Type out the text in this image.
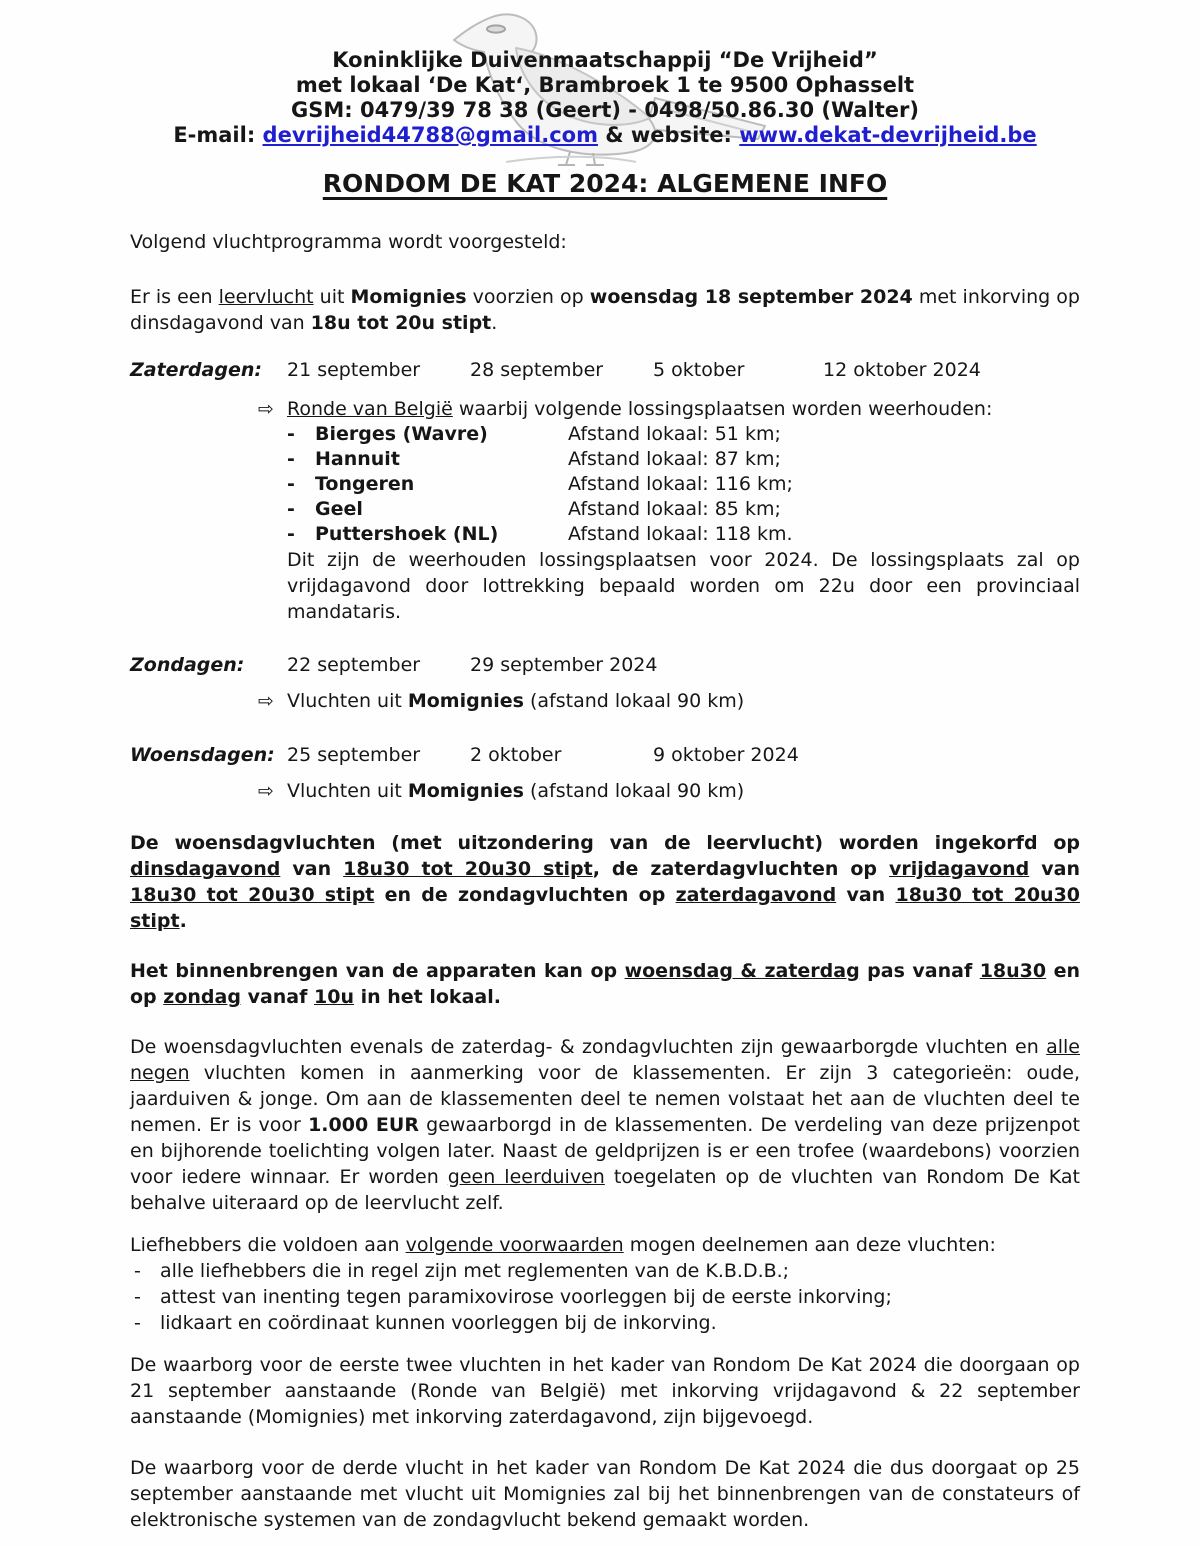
Koninklijke Duivenmaatschappij “De Vrijheid”
met lokaal ‘De Kat‘, Brambroek 1 te 9500 Ophasselt
GSM: 0479/39 78 38 (Geert) - 0498/50.86.30 (Walter)
E-mail: devrijheid44788@gmail.com & website: www.dekat-devrijheid.be
RONDOM DE KAT 2024: ALGEMENE INFO
Volgend vluchtprogramma wordt voorgesteld:
Er is een leervlucht uit Momignies voorzien op woensdag 18 september 2024 met inkorving op dinsdagavond van 18u tot 20u stipt.
Zaterdagen:	21 september	28 september	5 oktober	12 oktober 2024
⇨ Ronde van België waarbij volgende lossingsplaatsen worden weerhouden:
-	Bierges (Wavre)	Afstand lokaal: 51 km;
-	Hannuit	Afstand lokaal: 87 km;
-	Tongeren	Afstand lokaal: 116 km;
-	Geel	Afstand lokaal: 85 km;
-	Puttershoek (NL)	Afstand lokaal: 118 km.
Dit zijn de weerhouden lossingsplaatsen voor 2024. De lossingsplaats zal op vrijdagavond door lottrekking bepaald worden om 22u door een provinciaal mandataris.
Zondagen:	22 september	29 september 2024
⇨ Vluchten uit Momignies (afstand lokaal 90 km)
Woensdagen: 25 september	2 oktober	9 oktober 2024
⇨ Vluchten uit Momignies (afstand lokaal 90 km)
De woensdagvluchten (met uitzondering van de leervlucht) worden ingekorfd op dinsdagavond van 18u30 tot 20u30 stipt, de zaterdagvluchten op vrijdagavond van 18u30 tot 20u30 stipt en de zondagvluchten op zaterdagavond van 18u30 tot 20u30 stipt.
Het binnenbrengen van de apparaten kan op woensdag & zaterdag pas vanaf 18u30 en op zondag vanaf 10u in het lokaal.
De woensdagvluchten evenals de zaterdag- & zondagvluchten zijn gewaarborgde vluchten en alle negen vluchten komen in aanmerking voor de klassementen. Er zijn 3 categorieën: oude, jaarduiven & jonge. Om aan de klassementen deel te nemen volstaat het aan de vluchten deel te nemen. Er is voor 1.000 EUR gewaarborgd in de klassementen. De verdeling van deze prijzenpot en bijhorende toelichting volgen later. Naast de geldprijzen is er een trofee (waardebons) voorzien voor iedere winnaar. Er worden geen leerduiven toegelaten op de vluchten van Rondom De Kat behalve uiteraard op de leervlucht zelf.
Liefhebbers die voldoen aan volgende voorwaarden mogen deelnemen aan deze vluchten:
-	alle liefhebbers die in regel zijn met reglementen van de K.B.D.B.;
-	attest van inenting tegen paramixovirose voorleggen bij de eerste inkorving;
-	lidkaart en coördinaat kunnen voorleggen bij de inkorving.
De waarborg voor de eerste twee vluchten in het kader van Rondom De Kat 2024 die doorgaan op 21 september aanstaande (Ronde van België) met inkorving vrijdagavond & 22 september aanstaande (Momignies) met inkorving zaterdagavond, zijn bijgevoegd.
De waarborg voor de derde vlucht in het kader van Rondom De Kat 2024 die dus doorgaat op 25 september aanstaande met vlucht uit Momignies zal bij het binnenbrengen van de constateurs of elektronische systemen van de zondagvlucht bekend gemaakt worden.
